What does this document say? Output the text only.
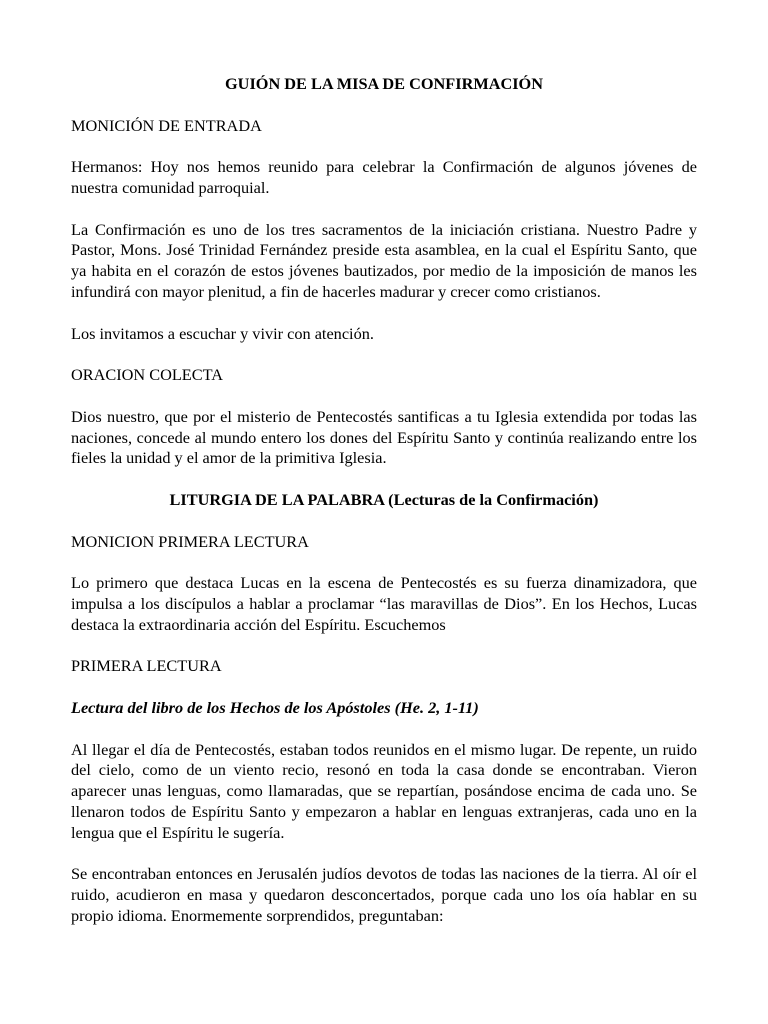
GUIÓN DE LA MISA DE CONFIRMACIÓN

MONICIÓN DE ENTRADA

Hermanos: Hoy nos hemos reunido para celebrar la Confirmación de algunos jóvenes de nuestra comunidad parroquial.

La Confirmación es uno de los tres sacramentos de la iniciación cristiana. Nuestro Padre y Pastor, Mons. José Trinidad Fernández preside esta asamblea, en la cual el Espíritu Santo, que ya habita en el corazón de estos jóvenes bautizados, por medio de la imposición de manos les infundirá con mayor plenitud, a fin de hacerles madurar y crecer como cristianos.

Los invitamos a escuchar y vivir con atención.

ORACION COLECTA

Dios nuestro, que por el misterio de Pentecostés santificas a tu Iglesia extendida por todas las naciones, concede al mundo entero los dones del Espíritu Santo y continúa realizando entre los fieles la unidad y el amor de la primitiva Iglesia.

LITURGIA DE LA PALABRA (Lecturas de la Confirmación)

MONICION PRIMERA LECTURA

Lo primero que destaca Lucas en la escena de Pentecostés es su fuerza dinamizadora, que impulsa a los discípulos a hablar a proclamar “las maravillas de Dios”. En los Hechos, Lucas destaca la extraordinaria acción del Espíritu. Escuchemos

PRIMERA LECTURA

Lectura del libro de los Hechos de los Apóstoles (He. 2, 1-11)

Al llegar el día de Pentecostés, estaban todos reunidos en el mismo lugar. De repente, un ruido del cielo, como de un viento recio, resonó en toda la casa donde se encontraban. Vieron aparecer unas lenguas, como llamaradas, que se repartían, posándose encima de cada uno. Se llenaron todos de Espíritu Santo y empezaron a hablar en lenguas extranjeras, cada uno en la lengua que el Espíritu le sugería.

Se encontraban entonces en Jerusalén judíos devotos de todas las naciones de la tierra. Al oír el ruido, acudieron en masa y quedaron desconcertados, porque cada uno los oía hablar en su propio idioma. Enormemente sorprendidos, preguntaban:
